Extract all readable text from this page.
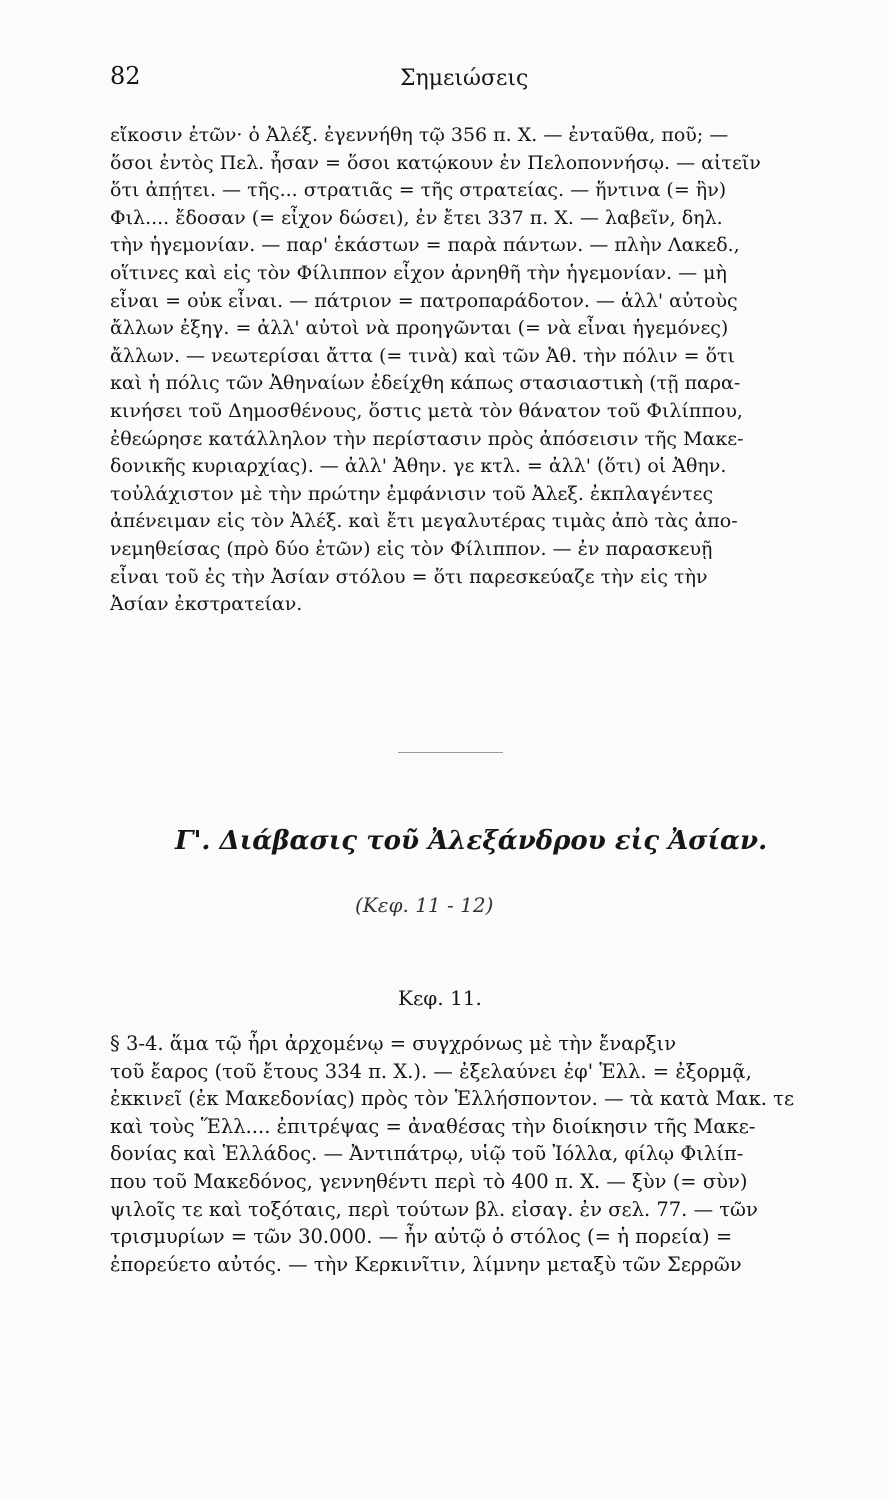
82	Σημειώσεις
εἴκοσιν ἐτῶν· ὁ Ἀλέξ. ἐγεννήθη τῷ 356 π. Χ. — ἐνταῦθα, ποῦ; —
ὅσοι ἐντὸς Πελ. ἦσαν = ὅσοι κατῴκουν ἐν Πελοποννήσῳ. — αἰτεῖν
ὅτι ἀπῄτει. — τῆς... στρατιᾶς = τῆς στρατείας. — ἥντινα (= ἣν)
Φιλ.... ἔδοσαν (= εἶχον δώσει), ἐν ἔτει 337 π. Χ. — λαβεῖν, δηλ.
τὴν ἡγεμονίαν. — παρ' ἑκάστων = παρὰ πάντων. — πλὴν Λακεδ.,
οἵτινες καὶ εἰς τὸν Φίλιππον εἶχον ἀρνηθῆ τὴν ἡγεμονίαν. — μὴ
εἶναι = οὐκ εἶναι. — πάτριον = πατροπαράδοτον. — ἀλλ' αὐτοὺς
ἄλλων ἐξηγ. = ἀλλ' αὐτοὶ νὰ προηγῶνται (= νὰ εἶναι ἡγεμόνες)
ἄλλων. — νεωτερίσαι ἄττα (= τινὰ) καὶ τῶν Ἀθ. τὴν πόλιν = ὅτι
καὶ ἡ πόλις τῶν Ἀθηναίων ἐδείχθη κάπως στασιαστικὴ (τῇ παρα-
κινήσει τοῦ Δημοσθένους, ὅστις μετὰ τὸν θάνατον τοῦ Φιλίππου,
ἐθεώρησε κατάλληλον τὴν περίστασιν πρὸς ἀπόσεισιν τῆς Μακε-
δονικῆς κυριαρχίας). — ἀλλ' Ἀθην. γε κτλ. = ἀλλ' (ὅτι) οἱ Ἀθην.
τοὐλάχιστον μὲ τὴν πρώτην ἐμφάνισιν τοῦ Ἀλεξ. ἐκπλαγέντες
ἀπένειμαν εἰς τὸν Ἀλέξ. καὶ ἔτι μεγαλυτέρας τιμὰς ἀπὸ τὰς ἀπο-
νεμηθείσας (πρὸ δύο ἐτῶν) εἰς τὸν Φίλιππον. — ἐν παρασκευῇ
εἶναι τοῦ ἐς τὴν Ἀσίαν στόλου = ὅτι παρεσκεύαζε τὴν εἰς τὴν
Ἀσίαν ἐκστρατείαν.
Γ'. Διάβασις τοῦ Ἀλεξάνδρου εἰς Ἀσίαν.
(Κεφ. 11 - 12)
Κεφ. 11.
§ 3-4. ἅμα τῷ ἦρι ἀρχομένῳ = συγχρόνως μὲ τὴν ἔναρξιν
τοῦ ἔαρος (τοῦ ἔτους 334 π. Χ.). — ἐξελαύνει ἐφ' Ἑλλ. = ἐξορμᾷ,
ἐκκινεῖ (ἐκ Μακεδονίας) πρὸς τὸν Ἑλλήσποντον. — τὰ κατὰ Μακ. τε
καὶ τοὺς Ἕλλ.... ἐπιτρέψας = ἀναθέσας τὴν διοίκησιν τῆς Μακε-
δονίας καὶ Ἑλλάδος. — Ἀντιπάτρῳ, υἱῷ τοῦ Ἰόλλα, φίλῳ Φιλίπ-
που τοῦ Μακεδόνος, γεννηθέντι περὶ τὸ 400 π. Χ. — ξὺν (= σὺν)
ψιλοῖς τε καὶ τοξόταις, περὶ τούτων βλ. εἰσαγ. ἐν σελ. 77. — τῶν
τρισμυρίων = τῶν 30.000. — ἦν αὐτῷ ὁ στόλος (= ἡ πορεία) =
ἐπορεύετο αὐτός. — τὴν Κερκινῖτιν, λίμνην μεταξὺ τῶν Σερρῶν
